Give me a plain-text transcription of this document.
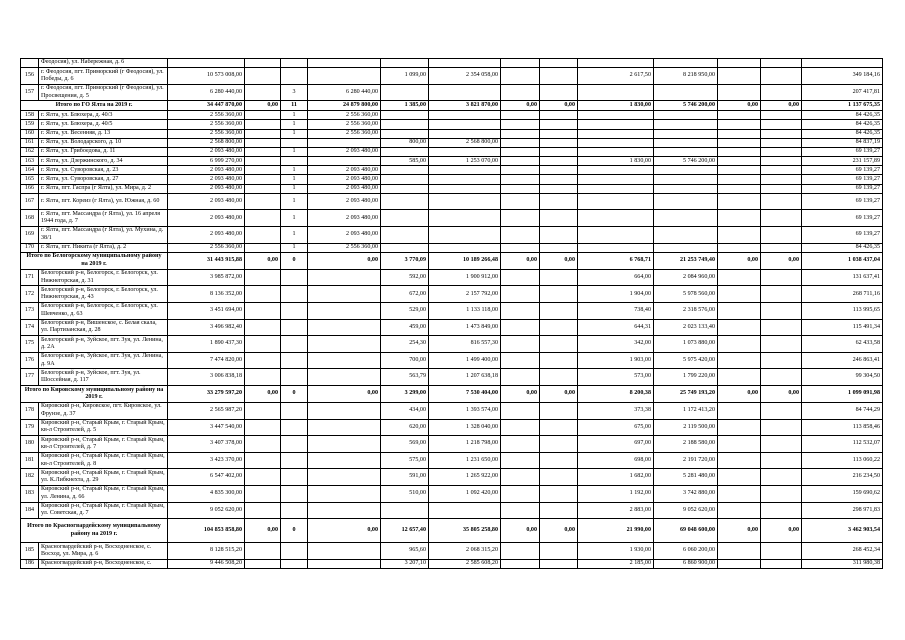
	Феодосия), ул. Набережная, д. 6													
156	г. Феодосия, пгт. Приморский (г Феодосия), ул. Победы, д. 6	10 573 008,00				1 099,00	2 354 058,00			2 617,50	8 218 950,00			349 184,16
157	г. Феодосия, пгт. Приморский (г Феодосия), ул. Просвещения, д. 5	6 280 440,00		3	6 280 440,00									207 417,81
Итого по ГО Ялта на 2019 г.		34 447 870,00	0,00	11	24 879 800,00	1 385,00	3 821 870,00	0,00	0,00	1 830,00	5 746 200,00	0,00	0,00	1 137 675,35
158	г. Ялта, ул. Блюхера, д. 40/3	2 556 360,00		1	2 556 360,00									84 426,35
159	г. Ялта, ул. Блюхера, д. 40/5	2 556 360,00		1	2 556 360,00									84 426,35
160	г. Ялта, ул. Весенняя, д. 13	2 556 360,00		1	2 556 360,00									84 426,35
161	г. Ялта, ул. Володарского, д. 10	2 568 800,00				800,00	2 568 800,00							84 837,19
162	г. Ялта, ул. Грибоедова, д. 11	2 093 480,00		1	2 093 480,00									69 139,27
163	г. Ялта, ул. Дзержинского, д. 34	6 999 270,00				585,00	1 253 070,00			1 830,00	5 746 200,00			231 157,89
164	г. Ялта, ул. Суворовская, д. 23	2 093 480,00		1	2 093 480,00									69 139,27
165	г. Ялта, ул. Суворовская, д. 27	2 093 480,00		1	2 093 480,00									69 139,27
166	г. Ялта, пгт. Гаспра (г Ялта), ул. Мира, д. 2	2 093 480,00		1	2 093 480,00									69 139,27
167	г. Ялта, пгт. Кореиз (г Ялта), ул. Южная, д. 60	2 093 480,00		1	2 093 480,00									69 139,27
168	г. Ялта, пгт. Массандра (г Ялта), ул. 16 апреля 1944 года, д. 7	2 093 480,00		1	2 093 480,00									69 139,27
169	г. Ялта, пгт. Массандра (г Ялта), ул. Мухина, д. 38/1	2 093 480,00		1	2 093 480,00									69 139,27
170	г. Ялта, пгт. Никита (г Ялта), д. 2	2 556 360,00		1	2 556 360,00									84 426,35
Итого по Белогорскому муниципальному району на 2019 г.		31 443 915,88	0,00	0	0,00	3 770,09	10 189 266,48	0,00	0,00	6 768,71	21 253 749,40	0,00	0,00	1 038 437,04
171	Белогорский р-н, Белогорск, г. Белогорск, ул. Нижнегорская, д. 31	3 985 872,00				592,00	1 900 912,00			664,00	2 084 960,00			131 637,41
172	Белогорский р-н, Белогорск, г. Белогорск, ул. Нижнегорская, д. 43	8 136 352,00				672,00	2 157 792,00			1 904,00	5 978 560,00			268 711,16
173	Белогорский р-н, Белогорск, г. Белогорск, ул. Шевченко, д. 63	3 451 694,00				529,00	1 133 118,00			738,40	2 318 576,00			113 995,65
174	Белогорский р-н, Вишенское, с. Белая скала, ул. Партизанская, д. 28	3 496 982,40				459,00	1 473 849,00			644,31	2 023 133,40			115 491,34
175	Белогорский р-н, Зуйское, пгт. Зуя, ул. Ленина, д. 2А	1 890 437,30				254,30	816 557,30			342,00	1 073 880,00			62 433,58
176	Белогорский р-н, Зуйское, пгт. Зуя, ул. Ленина, д. 9А	7 474 820,00				700,00	1 499 400,00			1 903,00	5 975 420,00			246 863,41
177	Белогорский р-н, Зуйское, пгт. Зуя, ул. Шоссейная, д. 117	3 006 838,18				563,79	1 207 638,18			573,00	1 799 220,00			99 304,50
Итого по Кировскому муниципальному району на 2019 г.		33 279 597,20	0,00	0	0,00	3 299,00	7 530 404,00	0,00	0,00	8 200,38	25 749 193,20	0,00	0,00	1 099 091,98
178	Кировский р-н, Кировское, пгт. Кировское, ул. Фрунзе, д. 37	2 565 987,20				434,00	1 393 574,00			373,38	1 172 413,20			84 744,29
179	Кировский р-н, Старый Крым, г. Старый Крым, кв-л Строителей, д. 5	3 447 540,00				620,00	1 328 040,00			675,00	2 119 500,00			113 858,46
180	Кировский р-н, Старый Крым, г. Старый Крым, кв-л Строителей, д. 7	3 407 378,00				569,00	1 218 798,00			697,00	2 188 580,00			112 532,07
181	Кировский р-н, Старый Крым, г. Старый Крым, кв-л Строителей, д. 8	3 423 370,00				575,00	1 231 650,00			698,00	2 191 720,00			113 060,22
182	Кировский р-н, Старый Крым, г. Старый Крым, ул. К.Либкнехта, д. 29	6 547 402,00				591,00	1 265 922,00			1 682,00	5 281 480,00			216 234,50
183	Кировский р-н, Старый Крым, г. Старый Крым, ул. Ленина, д. 66	4 835 300,00				510,00	1 092 420,00			1 192,00	3 742 880,00			159 690,62
184	Кировский р-н, Старый Крым, г. Старый Крым, ул. Советская, д. 7	9 052 620,00								2 883,00	9 052 620,00			298 971,83
Итого по Красногвардейскому муниципальному району на 2019 г.		104 853 858,80	0,00	0	0,00	12 657,40	35 805 258,80	0,00	0,00	21 990,00	69 048 600,00	0,00	0,00	3 462 903,54
185	Красногвардейский р-н, Восходненское, с. Восход, ул. Мира, д. 6	8 128 515,20				965,60	2 068 315,20			1 930,00	6 060 200,00			268 452,34
186	Красногвардейский р-н, Восходненское, с.	9 446 508,20				3 207,10	2 585 608,20			2 185,00	6 860 900,00			311 980,38
